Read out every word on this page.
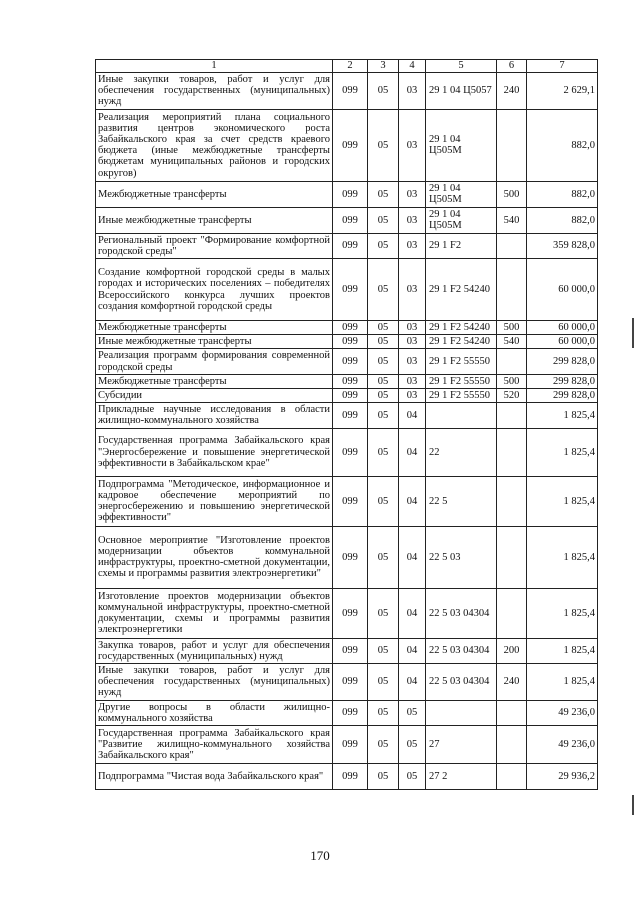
1	2	3	4	5	6	7
Иные закупки товаров, работ и услуг для обеспечения государственных (муниципальных) нужд	099	05	03	29 1 04 Ц5057	240	2 629,1
Реализация мероприятий плана социального развития центров экономического роста Забайкальского края за счет средств краевого бюджета (иные межбюджетные трансферты бюджетам муниципальных районов и городских округов)	099	05	03	29 1 04 Ц505М		882,0
Межбюджетные трансферты	099	05	03	29 1 04 Ц505М	500	882,0
Иные межбюджетные трансферты	099	05	03	29 1 04 Ц505М	540	882,0
Региональный проект "Формирование комфортной городской среды"	099	05	03	29 1 F2		359 828,0
Создание комфортной городской среды в малых городах и исторических поселениях – победителях Всероссийского конкурса лучших проектов создания комфортной городской среды	099	05	03	29 1 F2 54240		60 000,0
Межбюджетные трансферты	099	05	03	29 1 F2 54240	500	60 000,0
Иные межбюджетные трансферты	099	05	03	29 1 F2 54240	540	60 000,0
Реализация программ формирования современной городской среды	099	05	03	29 1 F2 55550		299 828,0
Межбюджетные трансферты	099	05	03	29 1 F2 55550	500	299 828,0
Субсидии	099	05	03	29 1 F2 55550	520	299 828,0
Прикладные научные исследования в области жилищно-коммунального хозяйства	099	05	04			1 825,4
Государственная программа Забайкальского края "Энергосбережение и повышение энергетической эффективности в Забайкальском крае"	099	05	04	22		1 825,4
Подпрограмма "Методическое, информационное и кадровое обеспечение мероприятий по энергосбережению и повышению энергетической эффективности"	099	05	04	22 5		1 825,4
Основное мероприятие "Изготовление проектов модернизации объектов коммунальной инфраструктуры, проектно-сметной документации, схемы и программы развития электроэнергетики"	099	05	04	22 5 03		1 825,4
Изготовление проектов модернизации объектов коммунальной инфраструктуры, проектно-сметной документации, схемы и программы развития электроэнергетики	099	05	04	22 5 03 04304		1 825,4
Закупка товаров, работ и услуг для обеспечения государственных (муниципальных) нужд	099	05	04	22 5 03 04304	200	1 825,4
Иные закупки товаров, работ и услуг для обеспечения государственных (муниципальных) нужд	099	05	04	22 5 03 04304	240	1 825,4
Другие вопросы в области жилищно-коммунального хозяйства	099	05	05			49 236,0
Государственная программа Забайкальского края "Развитие жилищно-коммунального хозяйства Забайкальского края"	099	05	05	27		49 236,0
Подпрограмма "Чистая вода Забайкальского края"	099	05	05	27 2		29 936,2
170
